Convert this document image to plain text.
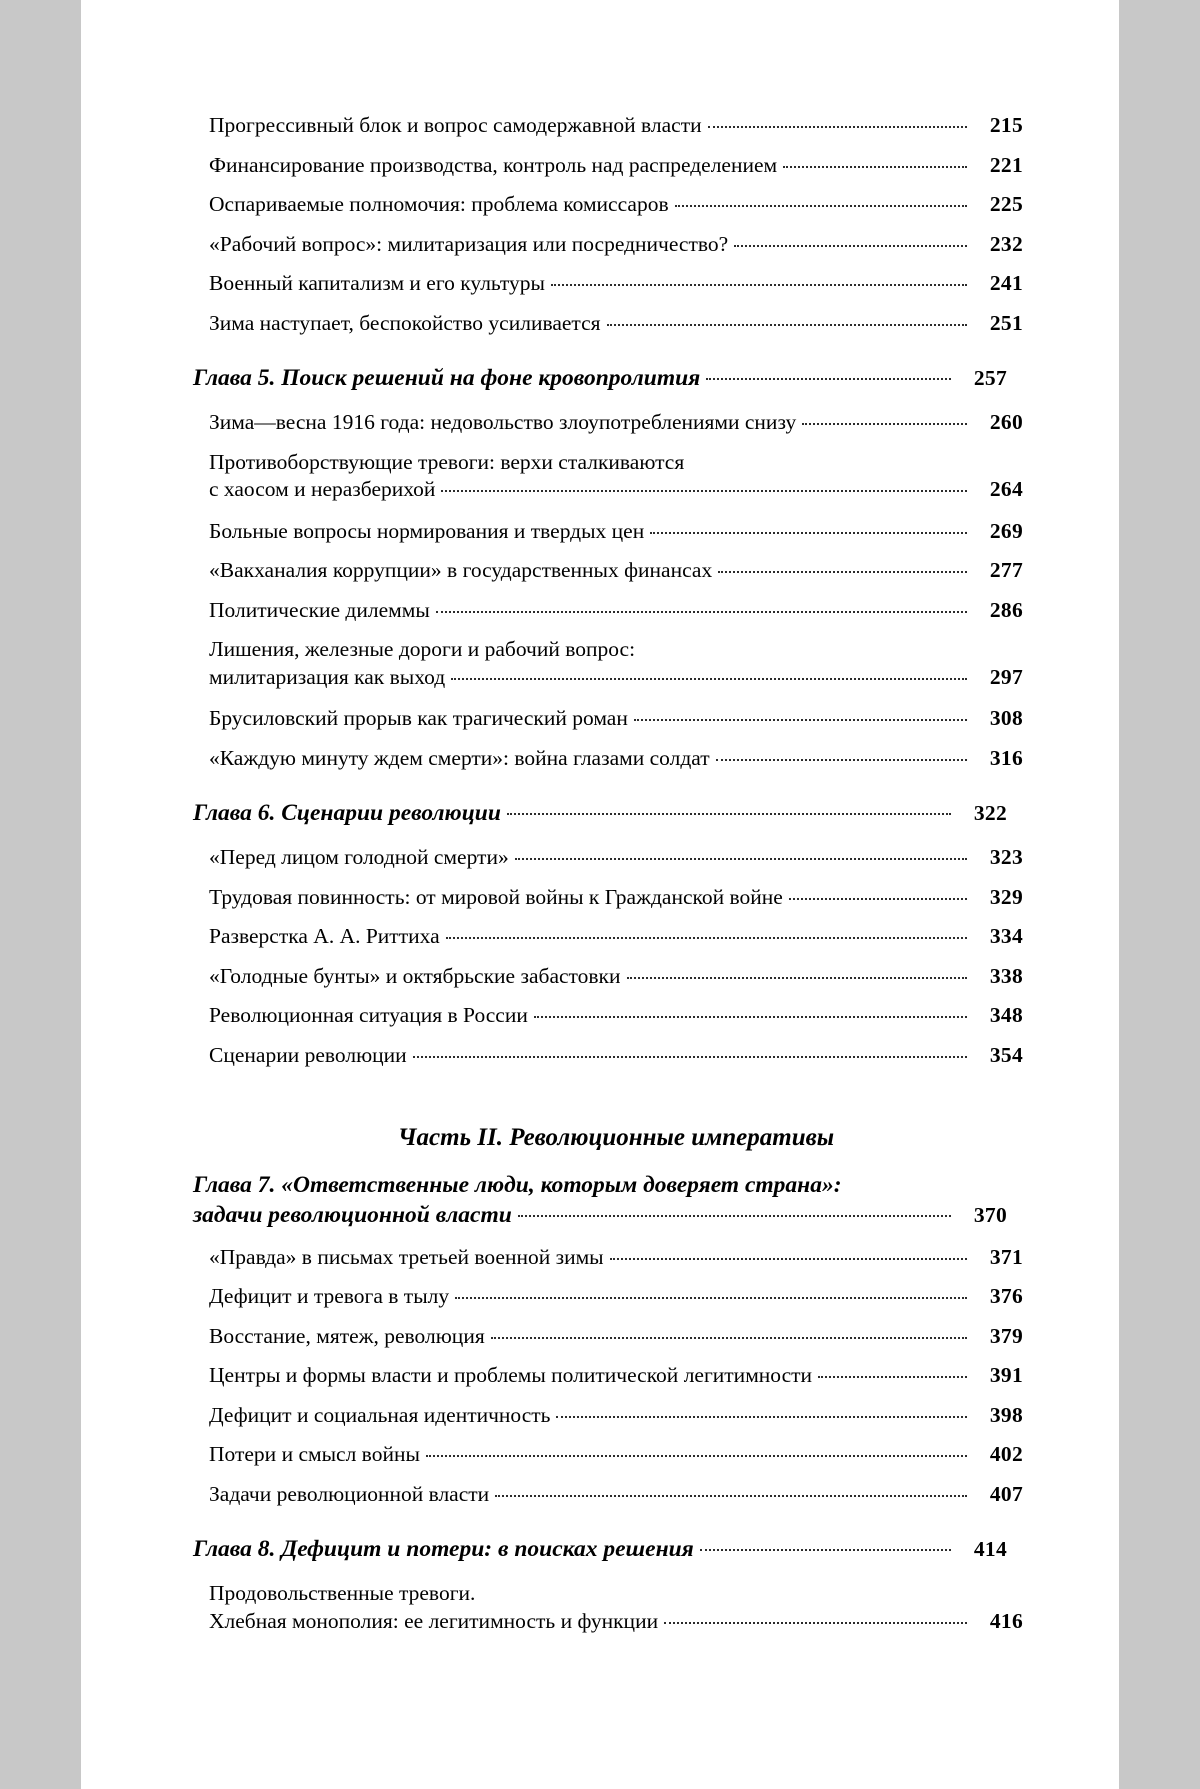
Прогрессивный блок и вопрос самодержавной власти	215
Финансирование производства, контроль над распределением	221
Оспариваемые полномочия: проблема комиссаров	225
«Рабочий вопрос»: милитаризация или посредничество?	232
Военный капитализм и его культуры	241
Зима наступает, беспокойство усиливается	251
Глава 5. Поиск решений на фоне кровопролития	257
Зима—весна 1916 года: недовольство злоупотреблениями снизу	260
Противоборствующие тревоги: верхи сталкиваются
с хаосом и неразберихой	264
Больные вопросы нормирования и твердых цен	269
«Вакханалия коррупции» в государственных финансах	277
Политические дилеммы	286
Лишения, железные дороги и рабочий вопрос:
милитаризация как выход	297
Брусиловский прорыв как трагический роман	308
«Каждую минуту ждем смерти»: война глазами солдат	316
Глава 6. Сценарии революции	322
«Перед лицом голодной смерти»	323
Трудовая повинность: от мировой войны к Гражданской войне	329
Разверстка А. А. Риттиха	334
«Голодные бунты» и октябрьские забастовки	338
Революционная ситуация в России	348
Сценарии революции	354
Часть II. Революционные императивы
Глава 7. «Ответственные люди, которым доверяет страна»:
задачи революционной власти	370
«Правда» в письмах третьей военной зимы	371
Дефицит и тревога в тылу	376
Восстание, мятеж, революция	379
Центры и формы власти и проблемы политической легитимности	391
Дефицит и социальная идентичность	398
Потери и смысл войны	402
Задачи революционной власти	407
Глава 8. Дефицит и потери: в поисках решения	414
Продовольственные тревоги.
Хлебная монополия: ее легитимность и функции	416
